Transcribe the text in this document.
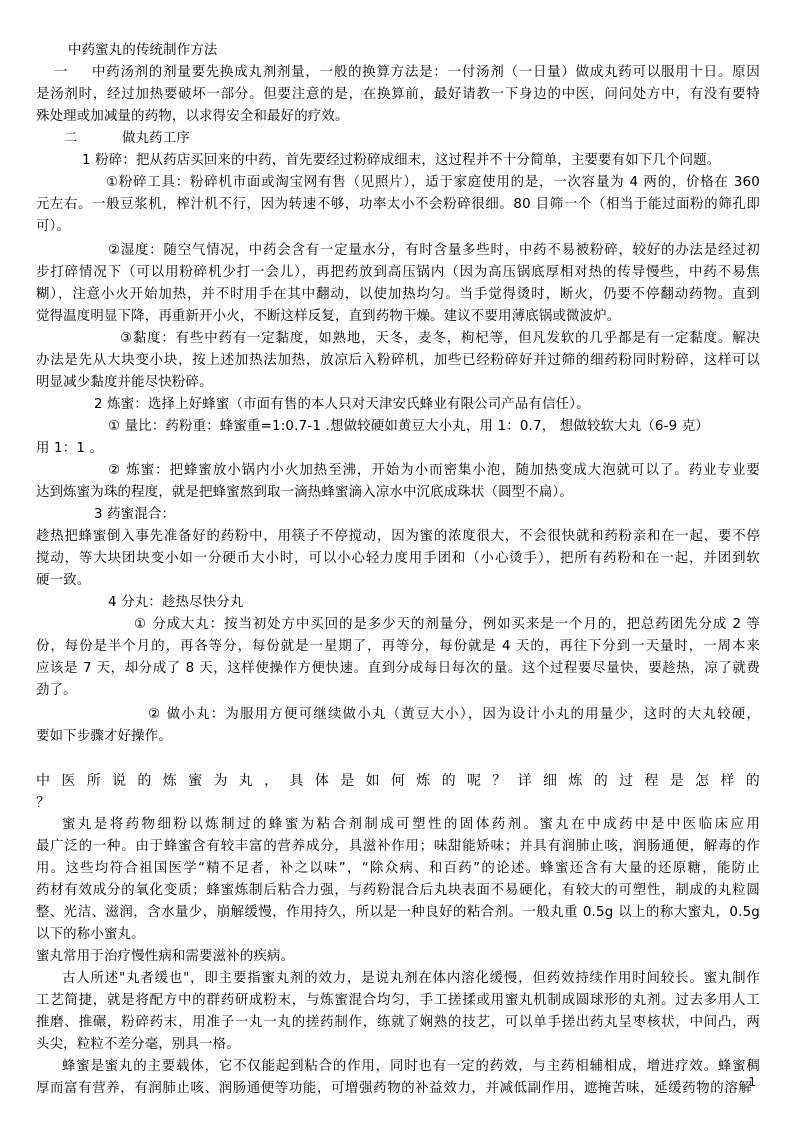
中药蜜丸的传统制作方法
一	中药汤剂的剂量要先换成丸剂剂量，一般的换算方法是：一付汤剂（一日量）做成丸药可以服用十日。原因
是汤剂时，经过加热要破坏一部分。但要注意的是，在换算前，最好请教一下身边的中医，问问处方中，有没有要特
殊处理或加减量的药物，以求得安全和最好的疗效。
二	做丸药工序
1 粉碎：把从药店买回来的中药，首先要经过粉碎成细末，这过程并不十分简单，主要要有如下几个问题。
①粉碎工具：粉碎机市面或淘宝网有售（见照片），适于家庭使用的是，一次容量为 4 两的，价格在 360
元左右。一般豆浆机，榨汁机不行，因为转速不够，功率太小不会粉碎很细。80 目筛一个（相当于能过面粉的筛孔即
可）。
②湿度：随空气情况，中药会含有一定量水分，有时含量多些时，中药不易被粉碎，较好的办法是经过初
步打碎情况下（可以用粉碎机少打一会儿），再把药放到高压锅内（因为高压锅底厚相对热的传导慢些，中药不易焦
糊），注意小火开始加热，并不时用手在其中翻动，以使加热均匀。当手觉得烫时，断火，仍要不停翻动药物。直到
觉得温度明显下降，再重新开小火，不断这样反复，直到药物干燥。建议不要用薄底锅或微波炉。
③黏度：有些中药有一定黏度，如熟地，天冬，麦冬，枸杞等，但凡发软的几乎都是有一定黏度。解决
办法是先从大块变小块，按上述加热法加热，放凉后入粉碎机，加些已经粉碎好并过筛的细药粉同时粉碎，这样可以
明显减少黏度并能尽快粉碎。
2 炼蜜：选择上好蜂蜜（市面有售的本人只对天津安氏蜂业有限公司产品有信任）。
① 量比：药粉重：蜂蜜重=1:0.7-1 .想做较硬如黄豆大小丸，用 1：0.7， 想做较软大丸（6-9 克）
用 1：1 。
② 炼蜜：把蜂蜜放小锅内小火加热至沸，开始为小而密集小泡，随加热变成大泡就可以了。药业专业要
达到炼蜜为珠的程度，就是把蜂蜜熬到取一滴热蜂蜜滴入凉水中沉底成珠状（圆型不扁）。
3 药蜜混合：
趁热把蜂蜜倒入事先准备好的药粉中，用筷子不停搅动，因为蜜的浓度很大，不会很快就和药粉亲和在一起，要不停
搅动，等大块团块变小如一分硬币大小时，可以小心轻力度用手团和（小心烫手），把所有药粉和在一起，并团到软
硬一致。
4 分丸：趁热尽快分丸
① 分成大丸：按当初处方中买回的是多少天的剂量分，例如买来是一个月的，把总药团先分成 2 等
份，每份是半个月的，再各等分，每份就是一星期了，再等分，每份就是 4 天的，再往下分到一天量时，一周本来
应该是 7 天，却分成了 8 天，这样使操作方便快速。直到分成每日每次的量。这个过程要尽量快，要趁热，凉了就费
劲了。
② 做小丸：为服用方便可继续做小丸（黄豆大小），因为设计小丸的用量少，这时的大丸较硬，
要如下步骤才好操作。
中 医 所 说 的 炼 蜜 为 丸 ， 具 体 是 如 何 炼 的 呢 ？ 详 细 炼 的 过 程 是 怎 样 的
？
蜜丸是将药物细粉以炼制过的蜂蜜为粘合剂制成可塑性的固体药剂。蜜丸在中成药中是中医临床应用
最广泛的一种。由于蜂蜜含有较丰富的营养成分，具滋补作用；味甜能矫味；并具有润肺止咳，润肠通便，解毒的作
用。这些均符合祖国医学“精不足者，补之以味”，“除众病、和百药”的论述。蜂蜜还含有大量的还原糖，能防止
药材有效成分的氧化变质；蜂蜜炼制后粘合力强，与药粉混合后丸块表面不易硬化，有较大的可塑性，制成的丸粒圆
整、光洁、滋润，含水量少，崩解缓慢，作用持久，所以是一种良好的粘合剂。一般丸重 0.5g 以上的称大蜜丸，0.5g
以下的称小蜜丸。
蜜丸常用于治疗慢性病和需要滋补的疾病。
古人所述"丸者缓也"，即主要指蜜丸剂的效力，是说丸剂在体内溶化缓慢，但药效持续作用时间较长。蜜丸制作
工艺简捷，就是将配方中的群药研成粉末，与炼蜜混合均匀，手工搓揉或用蜜丸机制成圆球形的丸剂。过去多用人工
推磨、推碾，粉碎药末，用准子一丸一丸的搓药制作，练就了娴熟的技艺，可以单手搓出药丸呈枣核状，中间凸，两
头尖，粒粒不差分毫，别具一格。
蜂蜜是蜜丸的主要载体，它不仅能起到粘合的作用，同时也有一定的药效，与主药相辅相成，增进疗效。蜂蜜稠
厚而富有营养，有润肺止咳、润肠通便等功能，可增强药物的补益效力，并减低副作用，遮掩苦味，延缓药物的溶解
1
